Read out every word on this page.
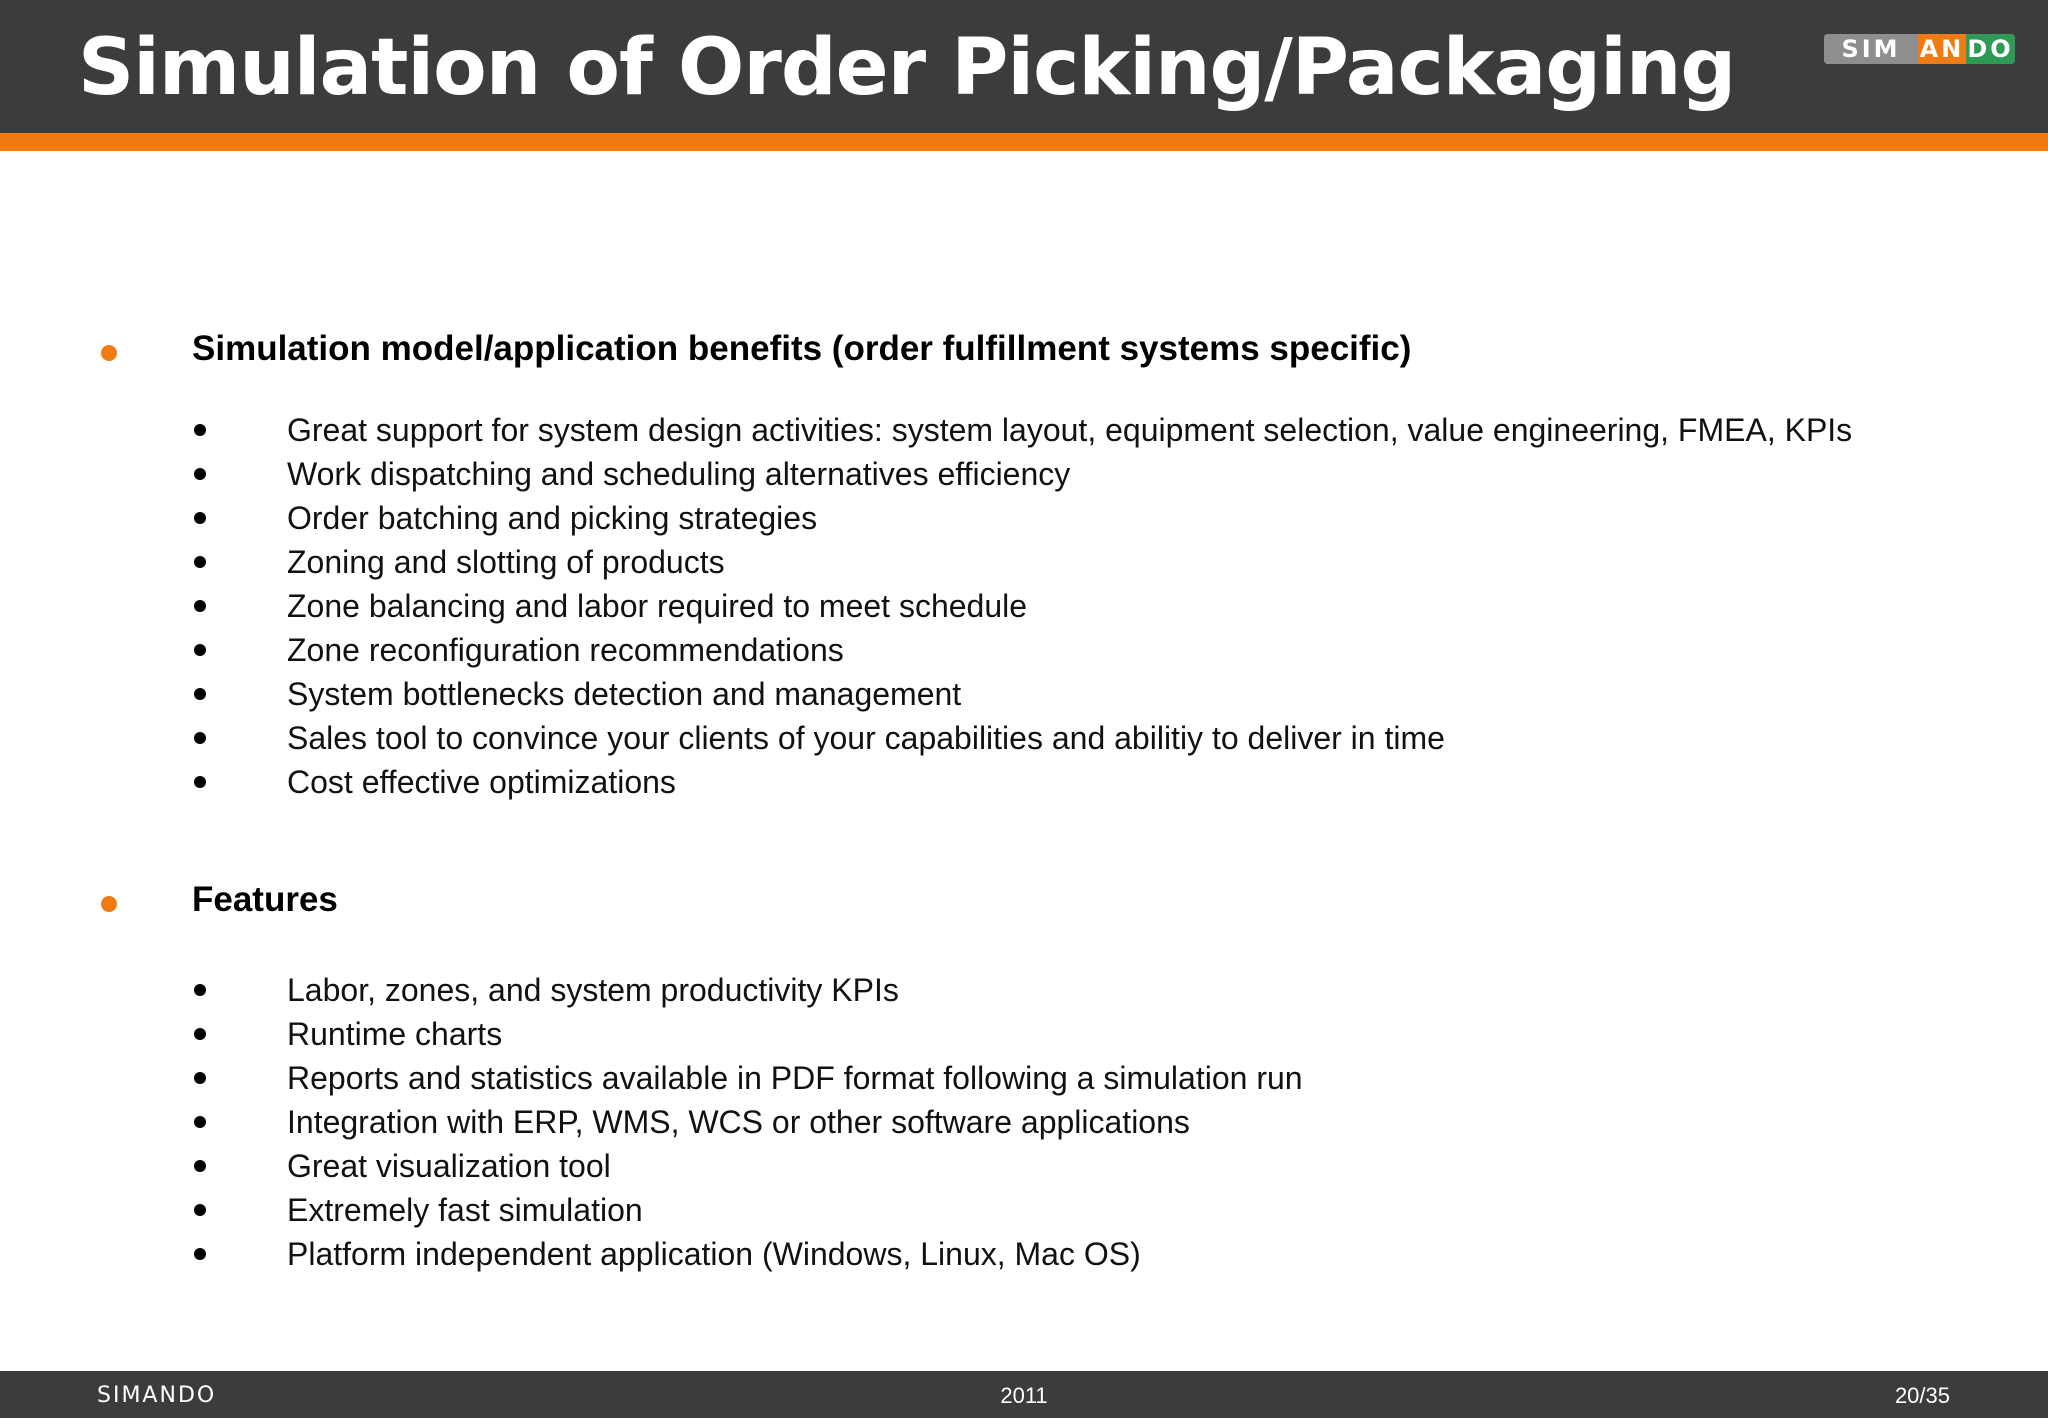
Simulation of Order Picking/Packaging	SIM AN DO
Simulation model/application benefits (order fulfillment systems specific)
Great support for system design activities: system layout, equipment selection, value engineering, FMEA, KPIs
Work dispatching and scheduling alternatives efficiency
Order batching and picking strategies
Zoning and slotting of products
Zone balancing and labor required to meet schedule
Zone reconfiguration recommendations
System bottlenecks detection and management
Sales tool to convince your clients of your capabilities and abilitiy to deliver in time
Cost effective optimizations
Features
Labor, zones, and system productivity KPIs
Runtime charts
Reports and statistics available in PDF format following a simulation run
Integration with ERP, WMS, WCS or other software applications
Great visualization tool
Extremely fast simulation
Platform independent application (Windows, Linux, Mac OS)
SIMANDO	2011	20/35
